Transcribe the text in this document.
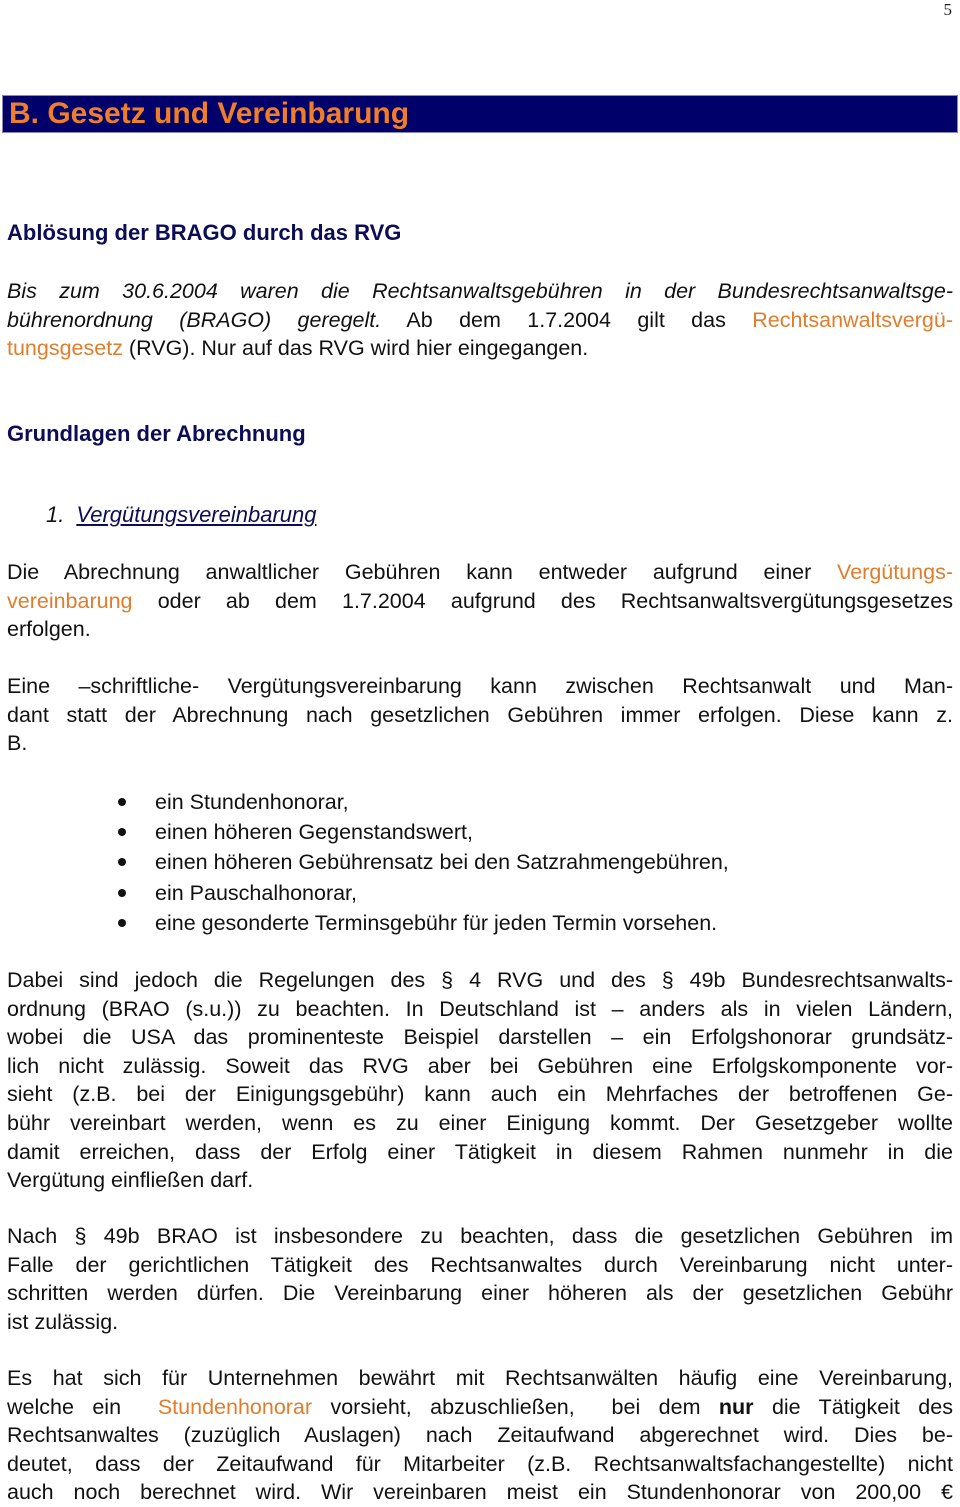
5
B. Gesetz und Vereinbarung
Ablösung der BRAGO durch das RVG
Bis zum 30.6.2004 waren die Rechtsanwaltsgebühren in der Bundesrechtsanwaltsge-
bührenordnung (BRAGO) geregelt. Ab dem 1.7.2004 gilt das Rechtsanwaltsvergü-
tungsgesetz (RVG). Nur auf das RVG wird hier eingegangen.
Grundlagen der Abrechnung
1. Vergütungsvereinbarung
Die Abrechnung anwaltlicher Gebühren kann entweder aufgrund einer Vergütungs-
vereinbarung oder ab dem 1.7.2004 aufgrund des Rechtsanwaltsvergütungsgesetzes
erfolgen.
Eine –schriftliche- Vergütungsvereinbarung kann zwischen Rechtsanwalt und Man-
dant statt der Abrechnung nach gesetzlichen Gebühren immer erfolgen. Diese kann z.
B.
ein Stundenhonorar,
einen höheren Gegenstandswert,
einen höheren Gebührensatz bei den Satzrahmengebühren,
ein Pauschalhonorar,
eine gesonderte Terminsgebühr für jeden Termin vorsehen.
Dabei sind jedoch die Regelungen des § 4 RVG und des § 49b Bundesrechtsanwalts-
ordnung (BRAO (s.u.)) zu beachten. In Deutschland ist – anders als in vielen Ländern,
wobei die USA das prominenteste Beispiel darstellen – ein Erfolgshonorar grundsätz-
lich nicht zulässig. Soweit das RVG aber bei Gebühren eine Erfolgskomponente vor-
sieht (z.B. bei der Einigungsgebühr) kann auch ein Mehrfaches der betroffenen Ge-
bühr vereinbart werden, wenn es zu einer Einigung kommt. Der Gesetzgeber wollte
damit erreichen, dass der Erfolg einer Tätigkeit in diesem Rahmen nunmehr in die
Vergütung einfließen darf.
Nach § 49b BRAO ist insbesondere zu beachten, dass die gesetzlichen Gebühren im
Falle der gerichtlichen Tätigkeit des Rechtsanwaltes durch Vereinbarung nicht unter-
schritten werden dürfen. Die Vereinbarung einer höheren als der gesetzlichen Gebühr
ist zulässig.
Es hat sich für Unternehmen bewährt mit Rechtsanwälten häufig eine Vereinbarung,
welche ein  Stundenhonorar vorsieht, abzuschließen,  bei dem nur die Tätigkeit des
Rechtsanwaltes (zuzüglich Auslagen) nach Zeitaufwand abgerechnet wird. Dies be-
deutet, dass der Zeitaufwand für Mitarbeiter (z.B. Rechtsanwaltsfachangestellte) nicht
auch noch berechnet wird. Wir vereinbaren meist ein Stundenhonorar von 200,00 €
